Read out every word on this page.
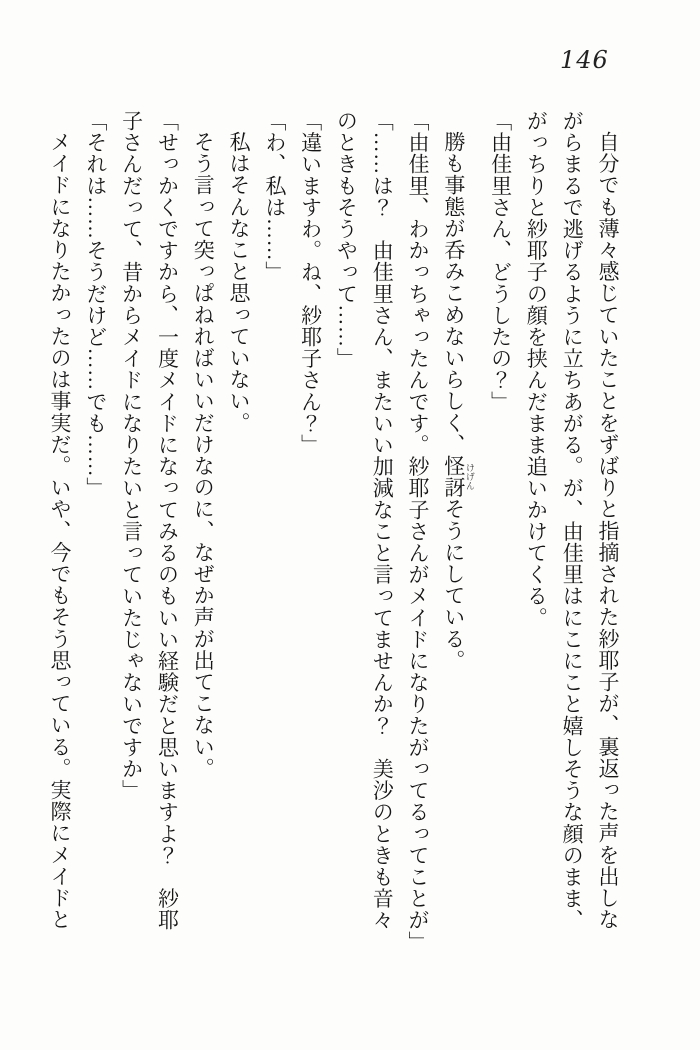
146
自分でも薄々感じていたことをずばりと指摘された紗耶子が、裏返った声を出しな
がらまるで逃げるように立ちあがる。が、由佳里はにこにこと嬉しそうな顔のまま、
がっちりと紗耶子の顔を挟んだまま追いかけてくる。
「由佳里さん、どうしたの？」
勝も事態が呑みこめないらしく、怪訝 けげんそうにしている。
「由佳里、わかっちゃったんです。紗耶子さんがメイドになりたがってるってことが」
「……は？　由佳里さん、またいい加減なこと言ってませんか？　美沙のときも音々
のときもそうやって……」
「違いますわ。ね、紗耶子さん？」
「わ、私は……」
私はそんなこと思っていない。
そう言って突っぱねればいいだけなのに、なぜか声が出てこない。
「せっかくですから、一度メイドになってみるのもいい経験だと思いますよ？　紗耶
子さんだって、昔からメイドになりたいと言っていたじゃないですか」
「それは……そうだけど……でも……」
メイドになりたかったのは事実だ。いや、今でもそう思っている。実際にメイドと
